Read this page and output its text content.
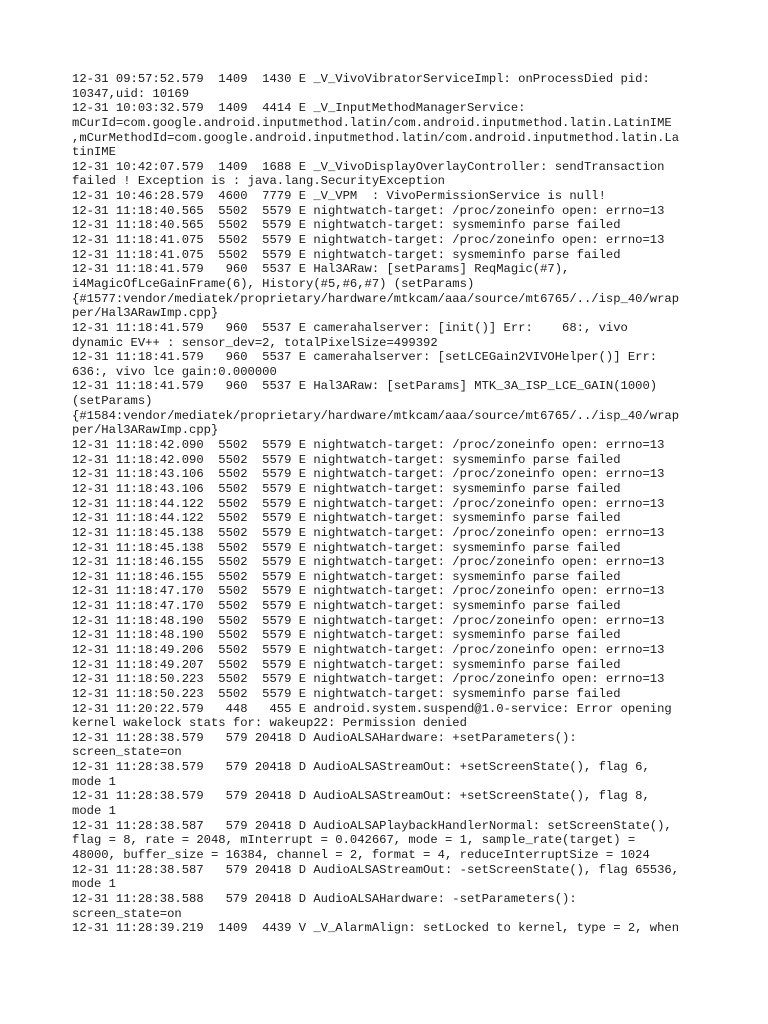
12-31 09:57:52.579  1409  1430 E _V_VivoVibratorServiceImpl: onProcessDied pid:
10347,uid: 10169
12-31 10:03:32.579  1409  4414 E _V_InputMethodManagerService:
mCurId=com.google.android.inputmethod.latin/com.android.inputmethod.latin.LatinIME
,mCurMethodId=com.google.android.inputmethod.latin/com.android.inputmethod.latin.La
tinIME
12-31 10:42:07.579  1409  1688 E _V_VivoDisplayOverlayController: sendTransaction
failed ! Exception is : java.lang.SecurityException
12-31 10:46:28.579  4600  7779 E _V_VPM  : VivoPermissionService is null!
12-31 11:18:40.565  5502  5579 E nightwatch-target: /proc/zoneinfo open: errno=13
12-31 11:18:40.565  5502  5579 E nightwatch-target: sysmeminfo parse failed
12-31 11:18:41.075  5502  5579 E nightwatch-target: /proc/zoneinfo open: errno=13
12-31 11:18:41.075  5502  5579 E nightwatch-target: sysmeminfo parse failed
12-31 11:18:41.579   960  5537 E Hal3ARaw: [setParams] ReqMagic(#7),
i4MagicOfLceGainFrame(6), History(#5,#6,#7) (setParams)
{#1577:vendor/mediatek/proprietary/hardware/mtkcam/aaa/source/mt6765/../isp_40/wrap
per/Hal3ARawImp.cpp}
12-31 11:18:41.579   960  5537 E camerahalserver: [init()] Err:    68:, vivo
dynamic EV++ : sensor_dev=2, totalPixelSize=499392
12-31 11:18:41.579   960  5537 E camerahalserver: [setLCEGain2VIVOHelper()] Err:
636:, vivo lce gain:0.000000
12-31 11:18:41.579   960  5537 E Hal3ARaw: [setParams] MTK_3A_ISP_LCE_GAIN(1000)
(setParams)
{#1584:vendor/mediatek/proprietary/hardware/mtkcam/aaa/source/mt6765/../isp_40/wrap
per/Hal3ARawImp.cpp}
12-31 11:18:42.090  5502  5579 E nightwatch-target: /proc/zoneinfo open: errno=13
12-31 11:18:42.090  5502  5579 E nightwatch-target: sysmeminfo parse failed
12-31 11:18:43.106  5502  5579 E nightwatch-target: /proc/zoneinfo open: errno=13
12-31 11:18:43.106  5502  5579 E nightwatch-target: sysmeminfo parse failed
12-31 11:18:44.122  5502  5579 E nightwatch-target: /proc/zoneinfo open: errno=13
12-31 11:18:44.122  5502  5579 E nightwatch-target: sysmeminfo parse failed
12-31 11:18:45.138  5502  5579 E nightwatch-target: /proc/zoneinfo open: errno=13
12-31 11:18:45.138  5502  5579 E nightwatch-target: sysmeminfo parse failed
12-31 11:18:46.155  5502  5579 E nightwatch-target: /proc/zoneinfo open: errno=13
12-31 11:18:46.155  5502  5579 E nightwatch-target: sysmeminfo parse failed
12-31 11:18:47.170  5502  5579 E nightwatch-target: /proc/zoneinfo open: errno=13
12-31 11:18:47.170  5502  5579 E nightwatch-target: sysmeminfo parse failed
12-31 11:18:48.190  5502  5579 E nightwatch-target: /proc/zoneinfo open: errno=13
12-31 11:18:48.190  5502  5579 E nightwatch-target: sysmeminfo parse failed
12-31 11:18:49.206  5502  5579 E nightwatch-target: /proc/zoneinfo open: errno=13
12-31 11:18:49.207  5502  5579 E nightwatch-target: sysmeminfo parse failed
12-31 11:18:50.223  5502  5579 E nightwatch-target: /proc/zoneinfo open: errno=13
12-31 11:18:50.223  5502  5579 E nightwatch-target: sysmeminfo parse failed
12-31 11:20:22.579   448   455 E android.system.suspend@1.0-service: Error opening
kernel wakelock stats for: wakeup22: Permission denied
12-31 11:28:38.579   579 20418 D AudioALSAHardware: +setParameters():
screen_state=on
12-31 11:28:38.579   579 20418 D AudioALSAStreamOut: +setScreenState(), flag 6,
mode 1
12-31 11:28:38.579   579 20418 D AudioALSAStreamOut: +setScreenState(), flag 8,
mode 1
12-31 11:28:38.587   579 20418 D AudioALSAPlaybackHandlerNormal: setScreenState(),
flag = 8, rate = 2048, mInterrupt = 0.042667, mode = 1, sample_rate(target) =
48000, buffer_size = 16384, channel = 2, format = 4, reduceInterruptSize = 1024
12-31 11:28:38.587   579 20418 D AudioALSAStreamOut: -setScreenState(), flag 65536,
mode 1
12-31 11:28:38.588   579 20418 D AudioALSAHardware: -setParameters():
screen_state=on
12-31 11:28:39.219  1409  4439 V _V_AlarmAlign: setLocked to kernel, type = 2, when
